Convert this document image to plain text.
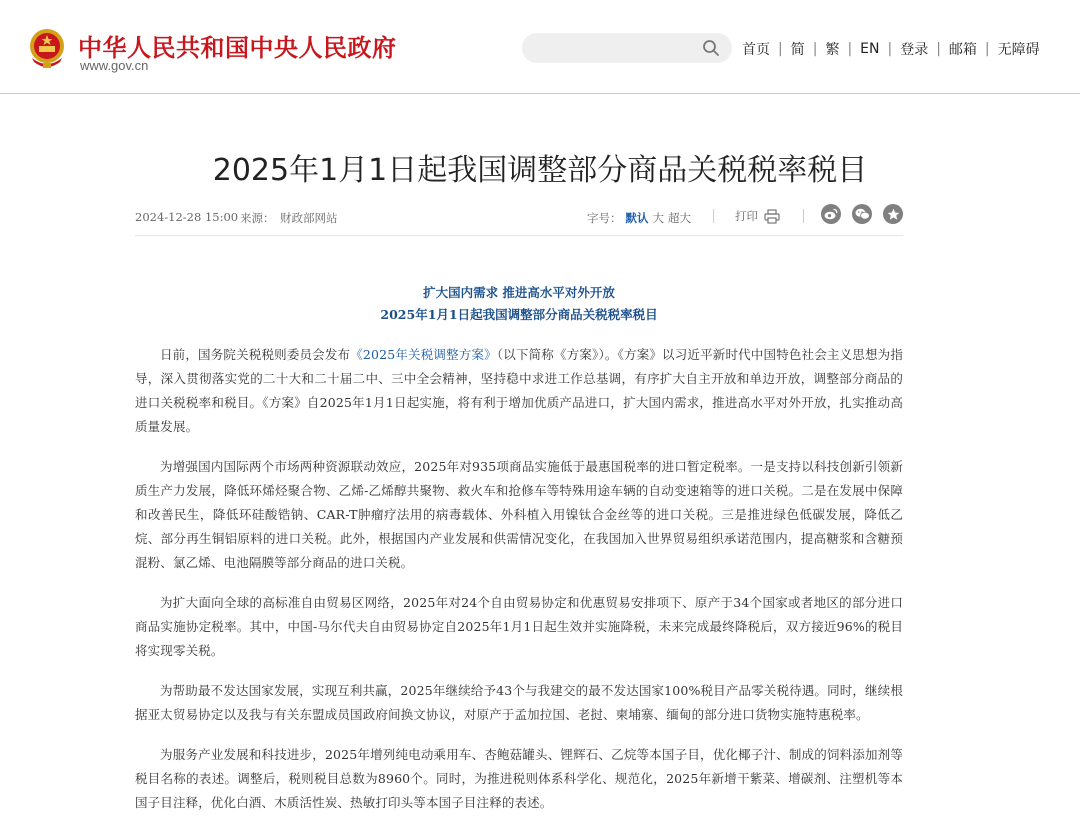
中华人民共和国中央人民政府
www.gov.cn
首页 | 简 | 繁 | EN | 登录 | 邮箱 | 无障碍
2025年1月1日起我国调整部分商品关税税率税目
2024-12-28 15:00 来源： 财政部网站	字号： 默认 大 超大	打印

扩大国内需求 推进高水平对外开放

2025年1月1日起我国调整部分商品关税税率税目

日前，国务院关税税则委员会发布《2025年关税调整方案》（以下简称《方案》）。《方案》以习近平新时代中国特色社会主义思想为指导，深入贯彻落实党的二十大和二十届二中、三中全会精神，坚持稳中求进工作总基调，有序扩大自主开放和单边开放，调整部分商品的进口关税税率和税目。《方案》自2025年1月1日起实施，将有利于增加优质产品进口，扩大国内需求，推进高水平对外开放，扎实推动高质量发展。

为增强国内国际两个市场两种资源联动效应，2025年对935项商品实施低于最惠国税率的进口暂定税率。一是支持以科技创新引领新质生产力发展，降低环烯烃聚合物、乙烯-乙烯醇共聚物、救火车和抢修车等特殊用途车辆的自动变速箱等的进口关税。二是在发展中保障和改善民生，降低环硅酸锆钠、CAR-T肿瘤疗法用的病毒载体、外科植入用镍钛合金丝等的进口关税。三是推进绿色低碳发展，降低乙烷、部分再生铜铝原料的进口关税。此外，根据国内产业发展和供需情况变化，在我国加入世界贸易组织承诺范围内，提高糖浆和含糖预混粉、氯乙烯、电池隔膜等部分商品的进口关税。

为扩大面向全球的高标准自由贸易区网络，2025年对24个自由贸易协定和优惠贸易安排项下、原产于34个国家或者地区的部分进口商品实施协定税率。其中，中国-马尔代夫自由贸易协定自2025年1月1日起生效并实施降税，未来完成最终降税后，双方接近96%的税目将实现零关税。

为帮助最不发达国家发展，实现互利共赢，2025年继续给予43个与我建交的最不发达国家100%税目产品零关税待遇。同时，继续根据亚太贸易协定以及我与有关东盟成员国政府间换文协议，对原产于孟加拉国、老挝、柬埔寨、缅甸的部分进口货物实施特惠税率。

为服务产业发展和科技进步，2025年增列纯电动乘用车、杏鲍菇罐头、锂辉石、乙烷等本国子目，优化椰子汁、制成的饲料添加剂等税目名称的表述。调整后，税则税目总数为8960个。同时，为推进税则体系科学化、规范化，2025年新增干紫菜、增碳剂、注塑机等本国子目注释，优化白酒、木质活性炭、热敏打印头等本国子目注释的表述。
